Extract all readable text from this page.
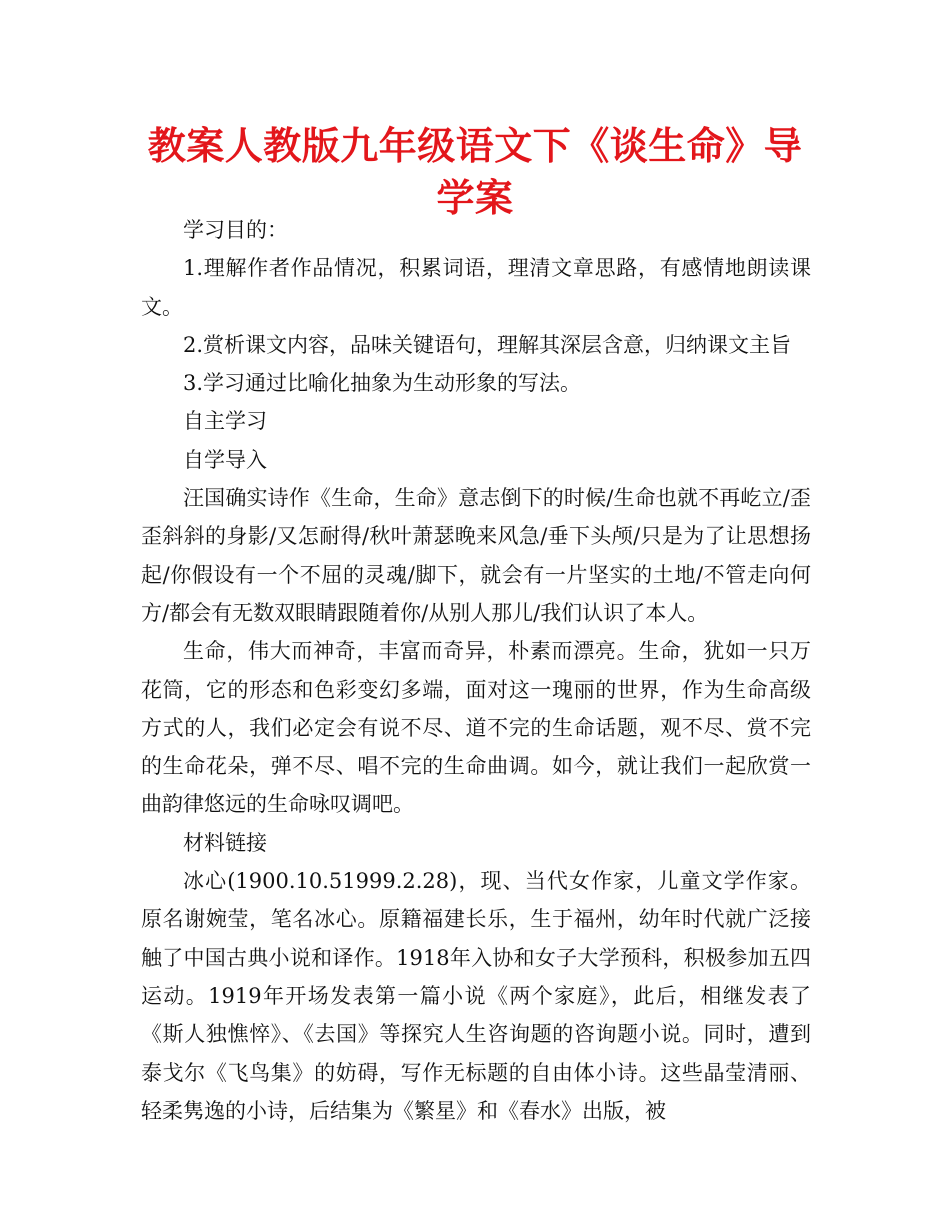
教案人教版九年级语文下《谈生命》导学案

学习目的：

1.理解作者作品情况，积累词语，理清文章思路，有感情地朗读课文。

2.赏析课文内容，品味关键语句，理解其深层含意，归纳课文主旨

3.学习通过比喻化抽象为生动形象的写法。

自主学习

自学导入

汪国确实诗作《生命，生命》意志倒下的时候/生命也就不再屹立/歪歪斜斜的身影/又怎耐得/秋叶萧瑟晚来风急/垂下头颅/只是为了让思想扬起/你假设有一个不屈的灵魂/脚下，就会有一片坚实的土地/不管走向何方/都会有无数双眼睛跟随着你/从别人那儿/我们认识了本人。

生命，伟大而神奇，丰富而奇异，朴素而漂亮。生命，犹如一只万花筒，它的形态和色彩变幻多端，面对这一瑰丽的世界，作为生命高级方式的人，我们必定会有说不尽、道不完的生命话题，观不尽、赏不完的生命花朵，弹不尽、唱不完的生命曲调。如今，就让我们一起欣赏一曲韵律悠远的生命咏叹调吧。

材料链接

冰心(1900.10.51999.2.28)，现、当代女作家，儿童文学作家。原名谢婉莹，笔名冰心。原籍福建长乐，生于福州，幼年时代就广泛接触了中国古典小说和译作。1918年入协和女子大学预科，积极参加五四运动。1919年开场发表第一篇小说《两个家庭》，此后，相继发表了《斯人独憔悴》、《去国》等探究人生咨询题的咨询题小说。同时，遭到泰戈尔《飞鸟集》的妨碍，写作无标题的自由体小诗。这些晶莹清丽、轻柔隽逸的小诗，后结集为《繁星》和《春水》出版，被
